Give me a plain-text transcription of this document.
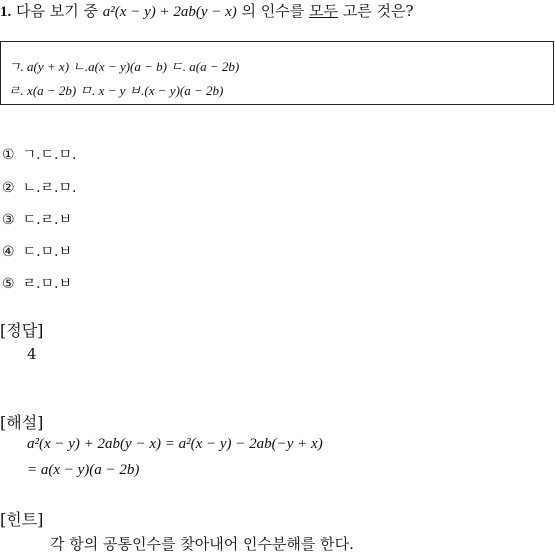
1. 다음 보기 중 a²(x − y) + 2ab(y − x) 의 인수를 모두 고른 것은?
ㄱ. a(y + x) ㄴ.a(x − y)(a − b) ㄷ. a(a − 2b)
ㄹ. x(a − 2b) ㅁ. x − y ㅂ.(x − y)(a − 2b)
① ㄱ.ㄷ.ㅁ.
② ㄴ.ㄹ.ㅁ.
③ ㄷ.ㄹ.ㅂ
④ ㄷ.ㅁ.ㅂ
⑤ ㄹ.ㅁ.ㅂ
[정답]
4
[해설]
a²(x − y) + 2ab(y − x) = a²(x − y) − 2ab(−y + x)
= a(x − y)(a − 2b)
[힌트]
각 항의 공통인수를 찾아내어 인수분해를 한다.
